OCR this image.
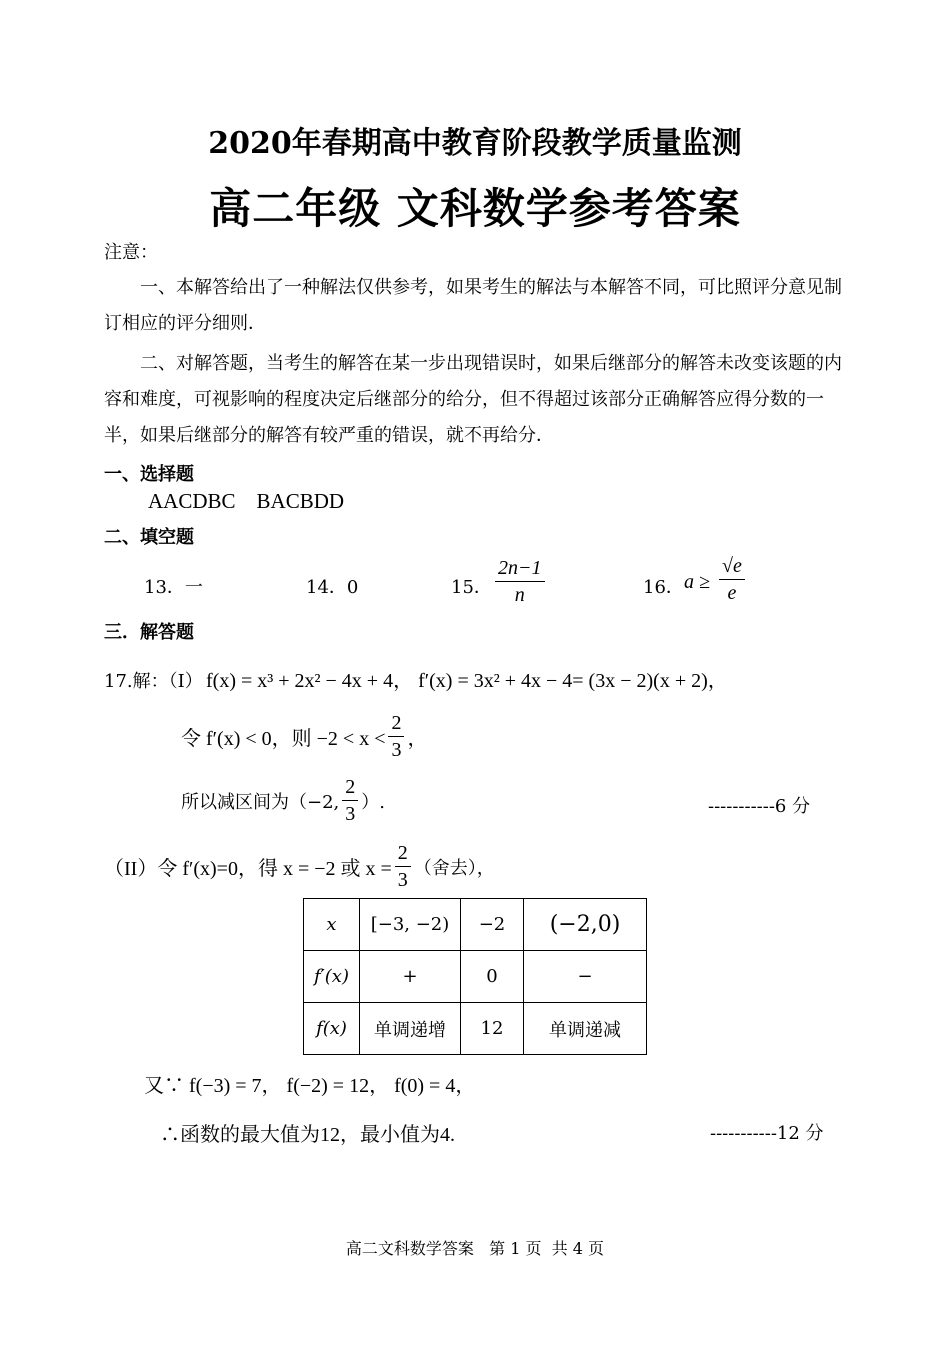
2020年春期高中教育阶段教学质量监测
高二年级 文科数学参考答案
注意：
一、本解答给出了一种解法仅供参考，如果考生的解法与本解答不同，可比照评分意见制订相应的评分细则．
二、对解答题，当考生的解答在某一步出现错误时，如果后继部分的解答未改变该题的内容和难度，可视影响的程度决定后继部分的给分，但不得超过该部分正确解答应得分数的一半，如果后继部分的解答有较严重的错误，就不再给分．
一、选择题
AACDBC    BACBDD
二、填空题
13．一	14．0	15． $\frac{2n-1}{n}$	16． $a \ge \frac{√e}{e}$
三．解答题
17.解：（I） f(x) = x³ + 2x² − 4x + 4， f′(x) = 3x² + 4x − 4= (3x − 2)(x + 2)，
令 f′(x) < 0，则 $-2 < x < \frac{2}{3}$ ，
所以减区间为（−2, $\frac{2}{3}$ ）.	-----------6 分
（II）令 f′(x)=0，得 x = −2 或 $x = \frac{2}{3}$ （舍去），
x	[−3, −2)	−2	(−2,0)
f′(x)	+	0	−
f(x)	单调递增	12	单调递减
又∵ f(−3) = 7， f(−2) = 12， f(0) = 4，
∴函数的最大值为12，最小值为4.	-----------12 分
高二文科数学答案   第 1 页  共 4 页
